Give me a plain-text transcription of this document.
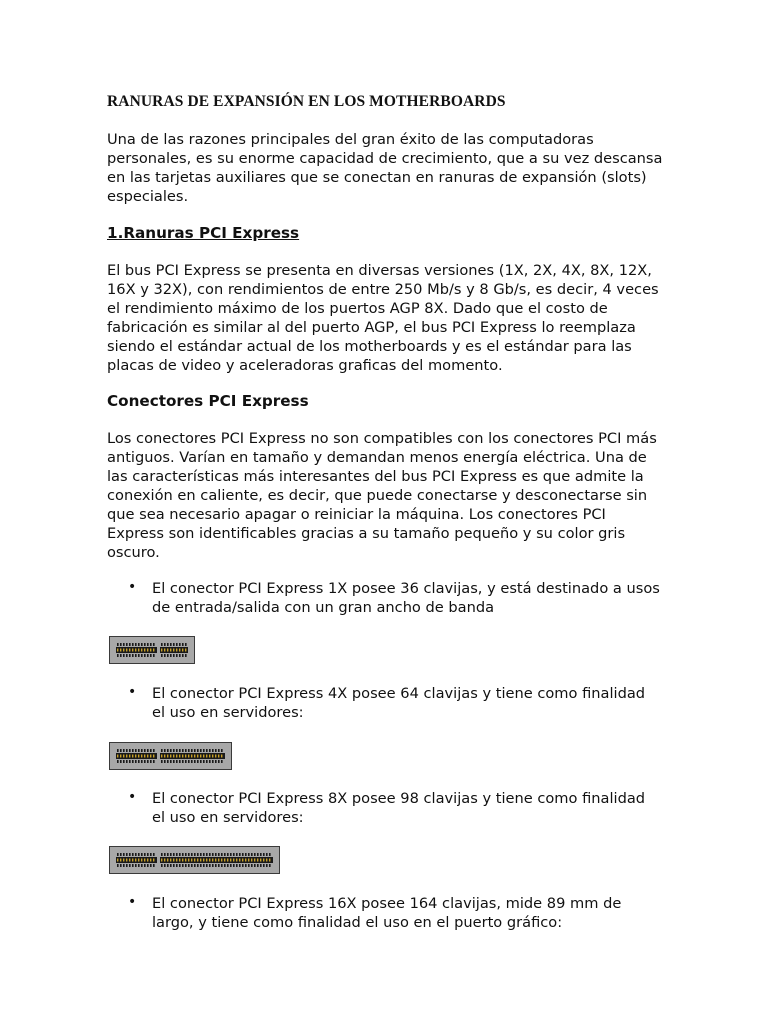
RANURAS DE EXPANSIÓN EN LOS MOTHERBOARDS

Una de las razones principales del gran éxito de las computadoras personales, es su enorme capacidad de crecimiento, que a su vez descansa en las tarjetas auxiliares que se conectan en ranuras de expansión (slots) especiales.

1.Ranuras PCI Express

El bus PCI Express se presenta en diversas versiones (1X, 2X, 4X, 8X, 12X, 16X y 32X), con rendimientos de entre 250 Mb/s y 8 Gb/s, es decir, 4 veces el rendimiento máximo de los puertos AGP 8X. Dado que el costo de fabricación es similar al del puerto AGP, el bus PCI Express lo reemplaza siendo el estándar actual de los motherboards y es el estándar para las placas de video y aceleradoras graficas del momento.

Conectores PCI Express

Los conectores PCI Express no son compatibles con los conectores PCI más antiguos. Varían en tamaño y demandan menos energía eléctrica. Una de las características más interesantes del bus PCI Express es que admite la conexión en caliente, es decir, que puede conectarse y desconectarse sin que sea necesario apagar o reiniciar la máquina. Los conectores PCI Express son identificables gracias a su tamaño pequeño y su color gris oscuro.

• El conector PCI Express 1X posee 36 clavijas, y está destinado a usos de entrada/salida con un gran ancho de banda

• El conector PCI Express 4X posee 64 clavijas y tiene como finalidad el uso en servidores:

• El conector PCI Express 8X posee 98 clavijas y tiene como finalidad el uso en servidores:

• El conector PCI Express 16X posee 164 clavijas, mide 89 mm de largo, y tiene como finalidad el uso en el puerto gráfico:
